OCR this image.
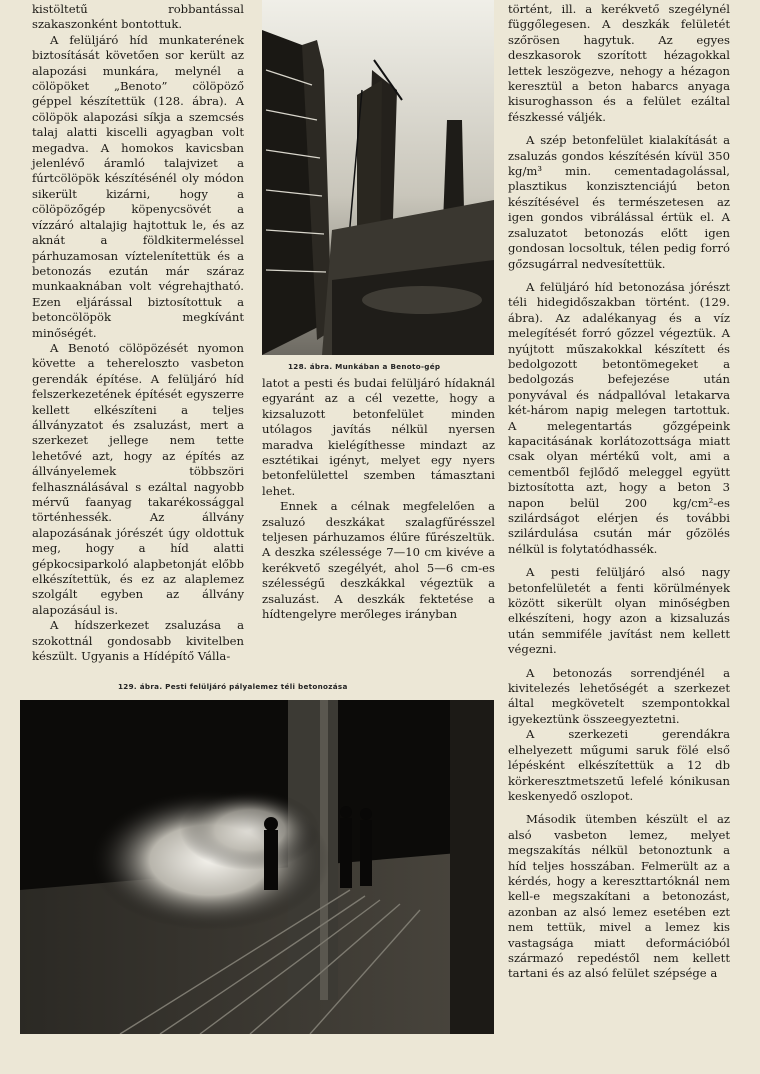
kistöltetű robbantással szakaszonként bontottuk.

A felüljáró híd munkaterének biztosítását követően sor került az alapozási munkára, melynél a cölöpöket „Benoto” cölöpöző géppel készítettük (128. ábra). A cölöpök alapozási síkja a szemcsés talaj alatti kiscelli agyagban volt megadva. A homokos kavicsban jelenlévő áramló talajvizet a fúrtcölöpök készítésénél oly módon sikerült kizárni, hogy a cölöpözőgép köpenycsövét a vízzáró altalajig hajtottuk le, és az aknát a földkitermeléssel párhuzamosan víztelenítettük és a betonozás ezután már száraz munkaaknában volt végrehajtható. Ezen eljárással biztosítottuk a betoncölöpök megkívánt minőségét.

A Benotó cölöpözését nyomon követte a tehereloszto vasbeton gerendák építése. A felüljáró híd felszerkezetének építését egyszerre kellett elkészíteni a teljes állványzatot és zsaluzást, mert a szerkezet jellege nem tette lehetővé azt, hogy az építés az állványelemek többszöri felhasználásával s ezáltal nagyobb mérvű faanyag takarékossággal történhessék. Az állvány alapozásának jórészét úgy oldottuk meg, hogy a híd alatti gépkocsiparkoló alapbetonját előbb elkészítettük, és ez az alaplemez szolgált egyben az állvány alapozásául is.

A hídszerkezet zsaluzása a szokottnál gondosabb kivitelben készült. Ugyanis a Hídépítő Válla-

128. ábra. Munkában a Benoto-gép

latot a pesti és budai felüljáró hídaknál egyaránt az a cél vezette, hogy a kizsaluzott betonfelület minden utólagos javítás nélkül nyersen maradva kielégíthesse mindazt az esztétikai igényt, melyet egy nyers betonfelülettel szemben támasztani lehet.

Ennek a célnak megfelelően a zsaluzó deszkákat szalagfűrésszel teljesen párhuzamos élűre fűrészeltük. A deszka szélessége 7—10 cm kivéve a kerékvető szegélyét, ahol 5—6 cm-es szélességű deszkákkal végeztük a zsaluzást. A deszkák fektetése a hídtengelyre merőleges irányban

történt, ill. a kerékvető szegélynél függőlegesen. A deszkák felületét szőrösen hagytuk. Az egyes deszkasorok szorított hézagokkal lettek leszögezve, nehogy a hézagon keresztül a beton habarcs anyaga kisuroghasson és a felület ezáltal fészkessé váljék.

A szép betonfelület kialakítását a zsaluzás gondos készítésén kívül 350 kg/m³ min. cementadagolással, plasztikus konzisztenciájú beton készítésével és természetesen az igen gondos vibrálással értük el. A zsaluzatot betonozás előtt igen gondosan locsoltuk, télen pedig forró gőzsugárral nedvesítettük.

A felüljáró híd betonozása jórészt téli hidegidőszakban történt. (129. ábra). Az adalékanyag és a víz melegítését forró gőzzel végeztük. A nyújtott műszakokkal készített és bedolgozott betontömegeket a bedolgozás befejezése után ponyvával és nádpallóval letakarva két-három napig melegen tartottuk. A melegentartás gőzgépeink kapacitásának korlátozottsága miatt csak olyan mértékű volt, ami a cementből fejlődő meleggel együtt biztosította azt, hogy a beton 3 napon belül 200 kg/cm²-es szilárdságot elérjen és további szilárdulása csután már gőzölés nélkül is folytatódhassék.

A pesti felüljáró alsó nagy betonfelületét a fenti körülmények között sikerült olyan minőségben elkészíteni, hogy azon a kizsaluzás után semmiféle javítást nem kellett végezni.

A betonozás sorrendjénél a kivitelezés lehetőségét a szerkezet által megkövetelt szempontokkal igyekeztünk összeegyeztetni.

A szerkezeti gerendákra elhelyezett műgumi saruk fölé első lépésként elkészítettük a 12 db körkeresztmetszetű lefelé kónikusan keskenyedő oszlopot.

Második ütemben készült el az alsó vasbeton lemez, melyet megszakítás nélkül betonoztunk a híd teljes hosszában. Felmerült az a kérdés, hogy a kereszttartóknál nem kell-e megszakítani a betonozást, azonban az alsó lemez esetében ezt nem tettük, mivel a lemez kis vastagsága miatt deformációból származó repedéstől nem kellett tartani és az alsó felület szépsége a

129. ábra. Pesti felüljáró pályalemez téli betonozása
